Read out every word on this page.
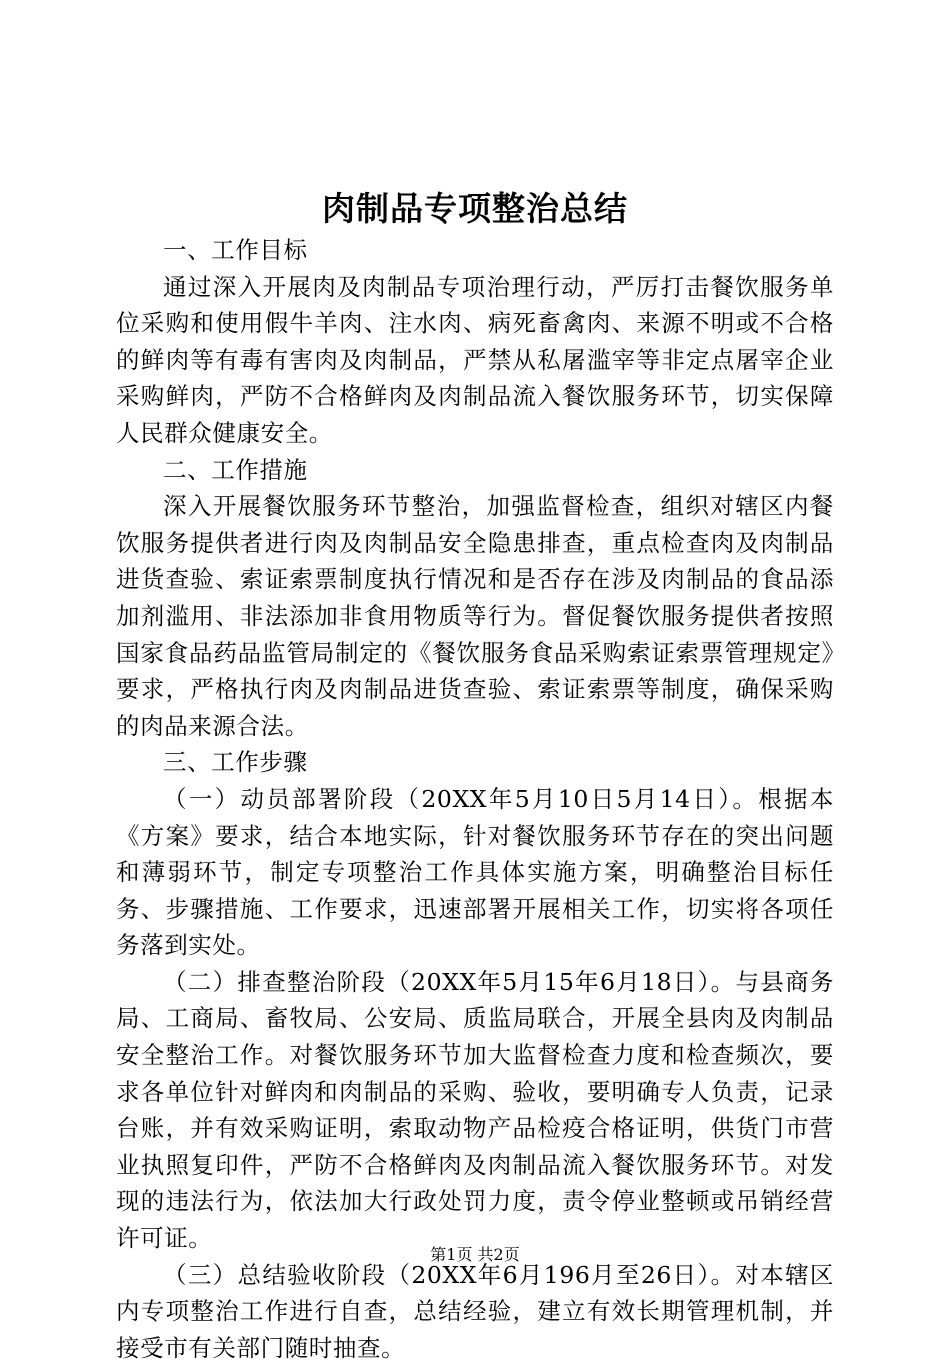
肉制品专项整治总结

一、工作目标

通过深入开展肉及肉制品专项治理行动，严厉打击餐饮服务单位采购和使用假牛羊肉、注水肉、病死畜禽肉、来源不明或不合格的鲜肉等有毒有害肉及肉制品，严禁从私屠滥宰等非定点屠宰企业采购鲜肉，严防不合格鲜肉及肉制品流入餐饮服务环节，切实保障人民群众健康安全。

二、工作措施

深入开展餐饮服务环节整治，加强监督检查，组织对辖区内餐饮服务提供者进行肉及肉制品安全隐患排查，重点检查肉及肉制品进货查验、索证索票制度执行情况和是否存在涉及肉制品的食品添加剂滥用、非法添加非食用物质等行为。督促餐饮服务提供者按照国家食品药品监管局制定的《餐饮服务食品采购索证索票管理规定》要求，严格执行肉及肉制品进货查验、索证索票等制度，确保采购的肉品来源合法。

三、工作步骤

（一）动员部署阶段（20XX年5月10日5月14日）。根据本《方案》要求，结合本地实际，针对餐饮服务环节存在的突出问题和薄弱环节，制定专项整治工作具体实施方案，明确整治目标任务、步骤措施、工作要求，迅速部署开展相关工作，切实将各项任务落到实处。

（二）排查整治阶段（20XX年5月15年6月18日）。与县商务局、工商局、畜牧局、公安局、质监局联合，开展全县肉及肉制品安全整治工作。对餐饮服务环节加大监督检查力度和检查频次，要求各单位针对鲜肉和肉制品的采购、验收，要明确专人负责，记录台账，并有效采购证明，索取动物产品检疫合格证明，供货门市营业执照复印件，严防不合格鲜肉及肉制品流入餐饮服务环节。对发现的违法行为，依法加大行政处罚力度，责令停业整顿或吊销经营许可证。

（三）总结验收阶段（20XX年6月196月至26日）。对本辖区内专项整治工作进行自查，总结经验，建立有效长期管理机制，并接受市有关部门随时抽查。

第1页 共2页
